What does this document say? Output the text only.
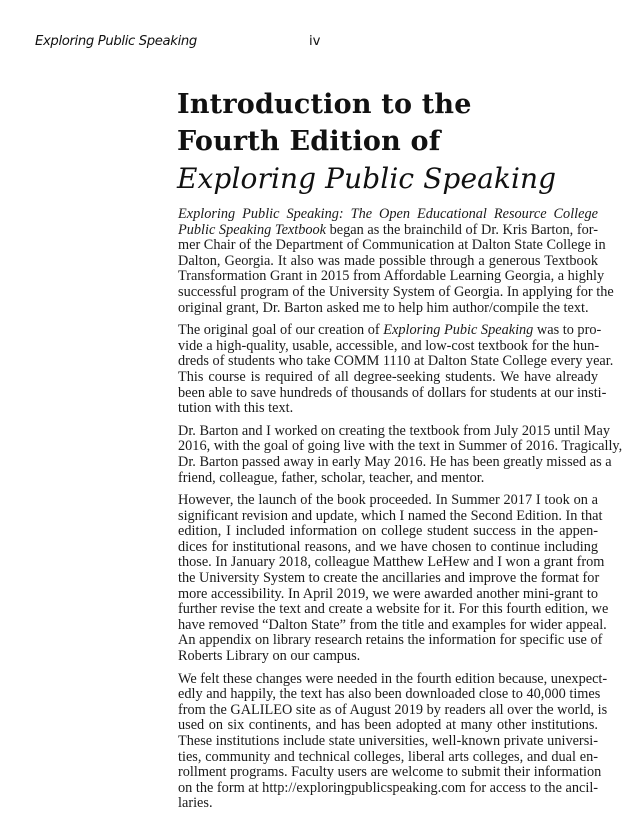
Exploring Public Speaking	iv
Introduction to the
Fourth Edition of
Exploring Public Speaking
Exploring Public Speaking: The Open Educational Resource College
Public Speaking Textbook began as the brainchild of Dr. Kris Barton, for-
mer Chair of the Department of Communication at Dalton State College in
Dalton, Georgia. It also was made possible through a generous Textbook
Transformation Grant in 2015 from Affordable Learning Georgia, a highly
successful program of the University System of Georgia. In applying for the
original grant, Dr. Barton asked me to help him author/compile the text.
The original goal of our creation of Exploring Pubic Speaking was to pro-
vide a high-quality, usable, accessible, and low-cost textbook for the hun-
dreds of students who take COMM 1110 at Dalton State College every year.
This course is required of all degree-seeking students. We have already
been able to save hundreds of thousands of dollars for students at our insti-
tution with this text.
Dr. Barton and I worked on creating the textbook from July 2015 until May
2016, with the goal of going live with the text in Summer of 2016. Tragically,
Dr. Barton passed away in early May 2016. He has been greatly missed as a
friend, colleague, father, scholar, teacher, and mentor.
However, the launch of the book proceeded. In Summer 2017 I took on a
significant revision and update, which I named the Second Edition. In that
edition, I included information on college student success in the appen-
dices for institutional reasons, and we have chosen to continue including
those. In January 2018, colleague Matthew LeHew and I won a grant from
the University System to create the ancillaries and improve the format for
more accessibility. In April 2019, we were awarded another mini-grant to
further revise the text and create a website for it. For this fourth edition, we
have removed “Dalton State” from the title and examples for wider appeal.
An appendix on library research retains the information for specific use of
Roberts Library on our campus.
We felt these changes were needed in the fourth edition because, unexpect-
edly and happily, the text has also been downloaded close to 40,000 times
from the GALILEO site as of August 2019 by readers all over the world, is
used on six continents, and has been adopted at many other institutions.
These institutions include state universities, well-known private universi-
ties, community and technical colleges, liberal arts colleges, and dual en-
rollment programs. Faculty users are welcome to submit their information
on the form at http://exploringpublicspeaking.com for access to the ancil-
laries.
